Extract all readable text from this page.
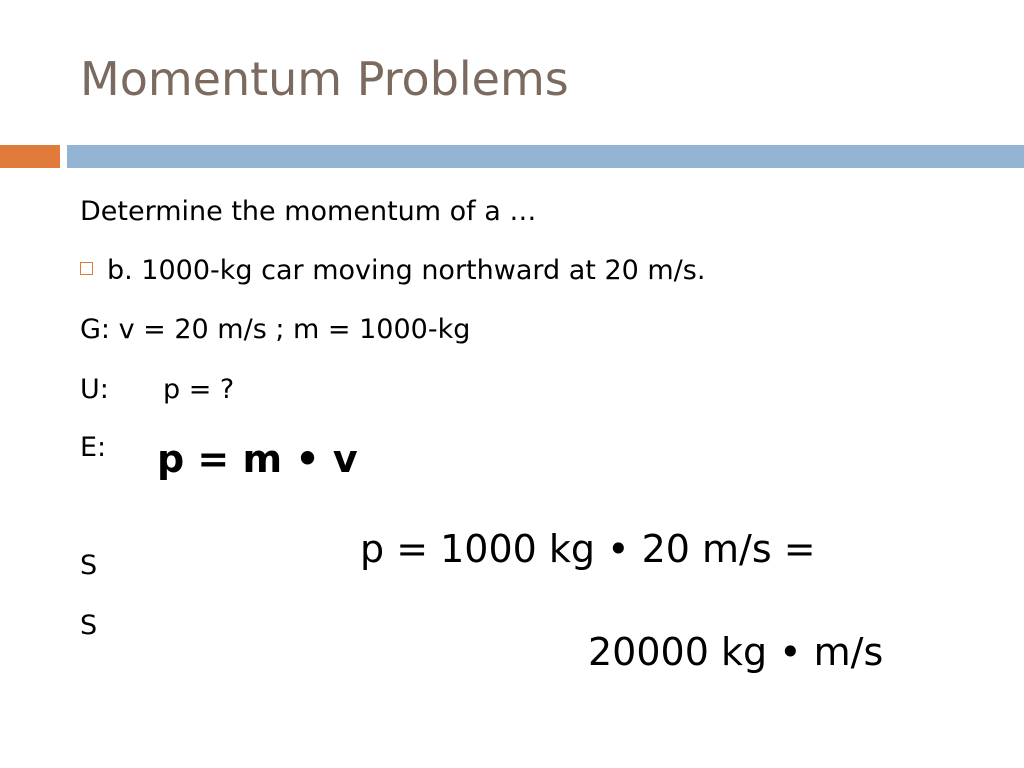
Momentum Problems
Determine the momentum of a …
b. 1000-kg car moving northward at 20 m/s.
G: v = 20 m/s ; m = 1000-kg
U: p = ?
E: p = m • v
S
S
p = 1000 kg • 20 m/s =
20000 kg • m/s
